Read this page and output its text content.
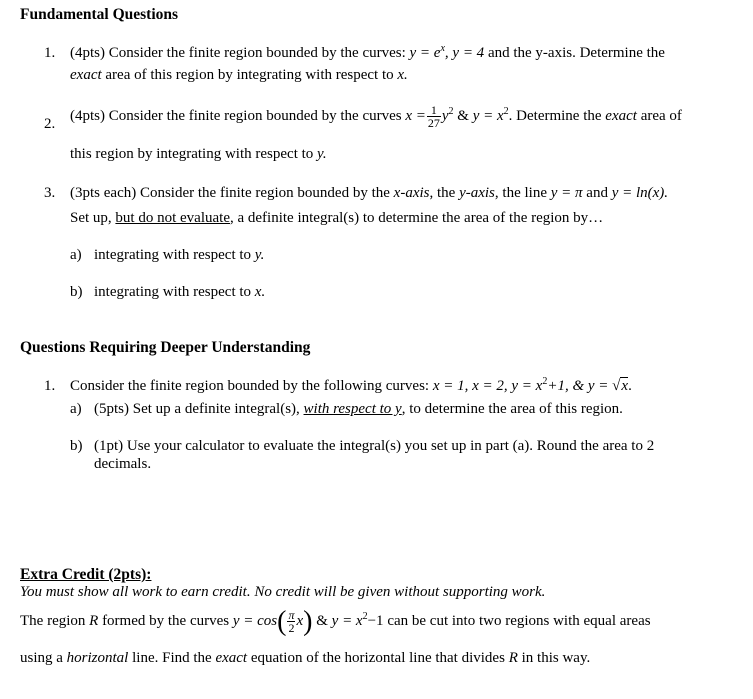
Fundamental Questions
1. (4pts) Consider the finite region bounded by the curves: $y = e^x$, y = 4 and the y-axis. Determine the
exact area of this region by integrating with respect to x.
2. (4pts) Consider the finite region bounded by the curves $x = \frac{1}{27} y^2$ & $y = x^2$. Determine the exact area of
this region by integrating with respect to y.
3. (3pts each) Consider the finite region bounded by the x-axis, the y-axis, the line y = π and y = ln(x).
Set up, but do not evaluate, a definite integral(s) to determine the area of the region by…
a) integrating with respect to y.
b) integrating with respect to x.
Questions Requiring Deeper Understanding
1. Consider the finite region bounded by the following curves: x = 1, x = 2, $y = x^2+1$, & y = √x.
a) (5pts) Set up a definite integral(s), with respect to y, to determine the area of this region.
b) (1pt) Use your calculator to evaluate the integral(s) you set up in part (a). Round the area to 2
decimals.
Extra Credit (2pts):
You must show all work to earn credit. No credit will be given without supporting work.
The region R formed by the curves $y = \cos( \frac{\pi}{2} x)$ & $y = x^2-1$ can be cut into two regions with equal areas
using a horizontal line. Find the exact equation of the horizontal line that divides R in this way.
